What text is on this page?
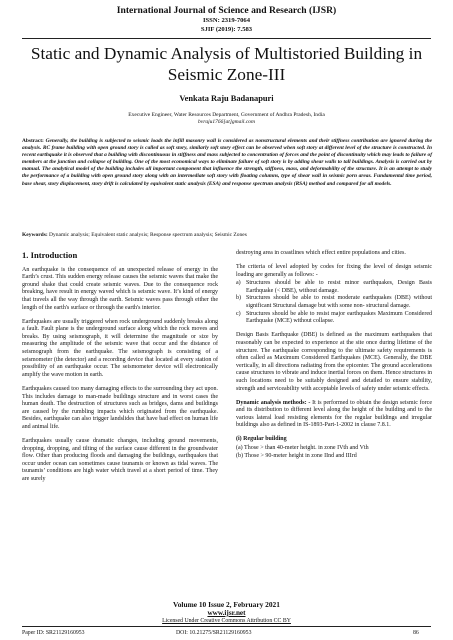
International Journal of Science and Research (IJSR)
ISSN: 2319-7064
SJIF (2019): 7.583
Static and Dynamic Analysis of Multistoried Building in Seismic Zone-III
Venkata Raju Badanapuri
Executive Engineer, Water Resources Department, Government of Andhra Pradesh, India
bvraju1766[at]gmail.com
Abstract: Generally, the building is subjected to seismic loads the infill masonry wall is considered as nonstructural elements and their stiffness contribution are ignored during the analysis. RC frame building with open ground story is called as soft story, similarly soft story effect can be observed when soft story at different level of the structure is constructed. In recent earthquake it is observed that a building with discontinuous in stiffness and mass subjected to concentration of forces and the point of discontinuity which may leads to failure of members at the junction and collapse of building. One of the most economical ways to eliminate failure of soft story is by adding shear walls to tall buildings. Analysis is carried out by manual. The analytical model of the building includes all important component that influence the strength, stiffness, mass, and deformability of the structure. It is an attempt to study the performance of a building with open ground story along with an intermediate soft story with floating columns, type of shear wall in seismic porn areas. Fundamental time period, base shear, story displacement, story drift is calculated by equivalent static analysis (ESA) and response spectrum analysis (RSA) method and compared for all models.
Keywords: Dynamic analysis; Equivalent static analysis; Response spectrum analysis; Seismic Zones
1. Introduction

An earthquake is the consequence of an unexpected release of energy in the Earth’s crust. This sudden energy release causes the seismic waves that make the ground shake that could create seismic waves. Due to the consequence rock breaking, have result in energy waved which is seismic wave. It’s kind of energy that travels all the way through the earth. Seismic waves pass through either the length of the earth's surface or through the earth's interior.

Earthquakes are usually triggered when rock underground suddenly breaks along a fault. Fault plane is the underground surface along which the rock moves and breaks. By using seismograph, it will determine the magnitude or size by measuring the amplitude of the seismic wave that occur and the distance of seismograph from the earthquake. The seismograph is consisting of a seismometer (the detector) and a recording device that located at every station of possibility of an earthquake occur. The seismometer device will electronically amplify the wave motion in earth.

Earthquakes caused too many damaging effects to the surrounding they act upon. This includes damage to man-made buildings structure and in worst cases the human death. The destruction of structures such as bridges, dams and buildings are caused by the rumbling impacts which originated from the earthquake. Besides, earthquake can also trigger landslides that have bad effect on human life and animal life.

Earthquakes usually cause dramatic changes, including ground movements, dropping, dropping, and tilting of the surface cause different in the groundwater flow. Other than producing floods and damaging the buildings, earthquakes that occur under ocean can sometimes cause tsunamis or known as tidal waves. The tsunamis’ conditions are high water which travel at a short period of time. They are surely

destroying area in coastlines which effect entire populations and cities.

The criteria of level adopted by codes for fixing the level of design seismic loading are generally as follows: -

a) Structures should be able to resist minor earthquakes, Design Basis Earthquake (< DBE), without damage.
b) Structures should be able to resist moderate earthquakes (DBE) without significant Structural damage but with some non- structural damage.
c) Structures should be able to resist major earthquakes Maximum Considered Earthquake (MCE) without collapse.

Design Basis Earthquake (DBE) is defined as the maximum earthquakes that reasonably can be expected to experience at the site once during lifetime of the structure. The earthquake corresponding to the ultimate safety requirements is often called as Maximum Considered Earthquakes (MCE). Generally, the DBE vertically, in all directions radiating from the epicenter. The ground accelerations cause structures to vibrate and induce inertial forces on them. Hence structures in such locations need to be suitably designed and detailed to ensure stability, strength and serviceability with acceptable levels of safety under seismic effects.

Dynamic analysis methods: - It is performed to obtain the design seismic force and its distribution to different level along the height of the building and to the various lateral load resisting elements for the regular buildings and irregular buildings also as defined in IS-1893-Part-1-2002 in clause 7.8.1.

(i) Regular building
(a) Those > than 40-meter height. in zone IVth and Vth
(b) Those > 90-meter height in zone IInd and IIIrd
Volume 10 Issue 2, February 2021
www.ijsr.net
Licensed Under Creative Commons Attribution CC BY
Paper ID: SR21129160953	DOI: 10.21275/SR21129160953	86
